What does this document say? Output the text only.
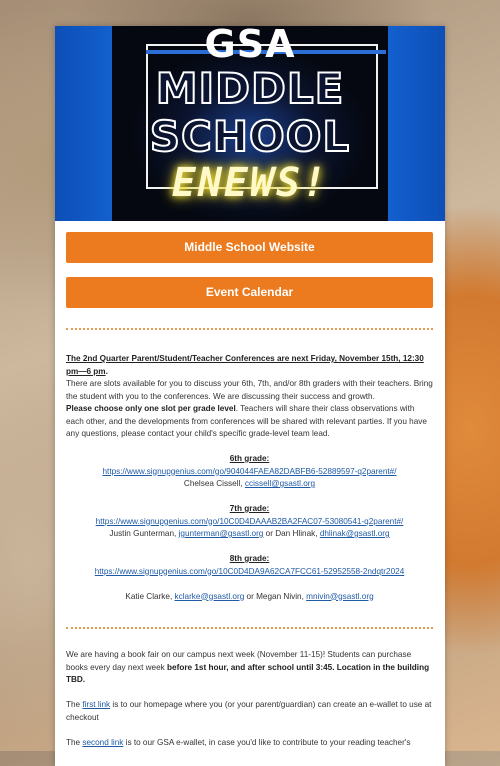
GSA
MIDDLE
SCHOOL
ENEWS!
Middle School Website
Event Calendar

The 2nd Quarter Parent/Student/Teacher Conferences are next Friday, November 15th, 12:30 pm—6 pm.

There are slots available for you to discuss your 6th, 7th, and/or 8th graders with their teachers. Bring the student with you to the conferences. We are discussing their success and growth.

Please choose only one slot per grade level. Teachers will share their class observations with each other, and the developments from conferences will be shared with relevant parties. If you have any questions, please contact your child's specific grade-level team lead.

6th grade:

https://www.signupgenius.com/go/904044FAEA82DABFB6-52889597-q2parent#/

Chelsea Cissell, ccissell@gsastl.org

7th grade:

https://www.signupgenius.com/go/10C0D4DAAAB2BA2FAC07-53080541-q2parent#/

Justin Gunterman, jgunterman@gsastl.org or Dan Hlinak, dhlinak@gsastl.org

8th grade:

https://www.signupgenius.com/go/10C0D4DA9A62CA7FCC61-52952558-2ndqtr2024

Katie Clarke, kclarke@gsastl.org or Megan Nivin, mnivin@gsastl.org

We are having a book fair on our campus next week (November 11-15)! Students can purchase books every day next week before 1st hour, and after school until 3:45. Location in the building TBD.

The first link is to our homepage where you (or your parent/guardian) can create an e-wallet to use at checkout

The second link is to our GSA e-wallet, in case you'd like to contribute to your reading teacher's
